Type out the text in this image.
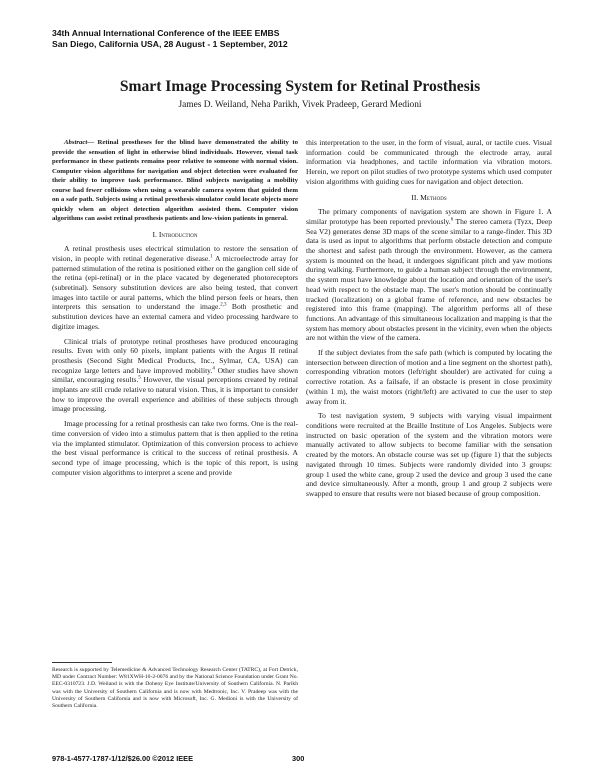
34th Annual International Conference of the IEEE EMBS
San Diego, California USA, 28 August - 1 September, 2012
Smart Image Processing System for Retinal Prosthesis
James D. Weiland, Neha Parikh, Vivek Pradeep, Gerard Medioni

Abstract— Retinal prostheses for the blind have demonstrated the ability to provide the sensation of light in otherwise blind individuals. However, visual task performance in these patients remains poor relative to someone with normal vision. Computer vision algorithms for navigation and object detection were evaluated for their ability to improve task performance. Blind subjects navigating a mobility course had fewer collisions when using a wearable camera system that guided them on a safe path. Subjects using a retinal prosthesis simulator could locate objects more quickly when an object detection algorithm assisted them. Computer vision algorithms can assist retinal prosthesis patients and low-vision patients in general.

I. Introduction

A retinal prosthesis uses electrical stimulation to restore the sensation of vision, in people with retinal degenerative disease.$^1$ A microelectrode array for patterned stimulation of the retina is positioned either on the ganglion cell side of the retina (epi-retinal) or in the place vacated by degenerated photoreceptors (subretinal). Sensory substitution devices are also being tested, that convert images into tactile or aural patterns, which the blind person feels or hears, then interprets this sensation to understand the image.$^{2,3}$ Both prosthetic and substitution devices have an external camera and video processing hardware to digitize images.

Clinical trials of prototype retinal prostheses have produced encouraging results. Even with only 60 pixels, implant patients with the Argus II retinal prosthesis (Second Sight Medical Products, Inc., Sylmar, CA, USA) can recognize large letters and have improved mobility.$^4$ Other studies have shown similar, encouraging results.$^5$ However, the visual perceptions created by retinal implants are still crude relative to natural vision. Thus, it is important to consider how to improve the overall experience and abilities of these subjects through image processing.

Image processing for a retinal prosthesis can take two forms. One is the real-time conversion of video into a stimulus pattern that is then applied to the retina via the implanted stimulator. Optimization of this conversion process to achieve the best visual performance is critical to the success of retinal prosthesis. A second type of image processing, which is the topic of this report, is using computer vision algorithms to interpret a scene and provide

Research is supported by Telemedicine & Advanced Technology Research Center (TATRC), at Fort Detrick, MD under Contract Number: W81XWH-10-2-0076 and by the National Science Foundation under Grant No. EEC-0310723. J.D. Weiland is with the Doheny Eye Institute/University of Southern California. N. Parikh was with the University of Southern California and is now with Medtronic, Inc. V. Pradeep was with the University of Southern California and is now with Microsoft, Inc. G. Medioni is with the University of Southern California.

this interpretation to the user, in the form of visual, aural, or tactile cues. Visual information could be communicated through the electrode array, aural information via headphones, and tactile information via vibration motors. Herein, we report on pilot studies of two prototype systems which used computer vision algorithms with guiding cues for navigation and object detection.

II. Methods

The primary components of navigation system are shown in Figure 1. A similar prototype has been reported previously.$^6$ The stereo camera (Tyzx, Deep Sea V2) generates dense 3D maps of the scene similar to a range-finder. This 3D data is used as input to algorithms that perform obstacle detection and compute the shortest and safest path through the environment. However, as the camera system is mounted on the head, it undergoes significant pitch and yaw motions during walking. Furthermore, to guide a human subject through the environment, the system must have knowledge about the location and orientation of the user's head with respect to the obstacle map. The user's motion should be continually tracked (localization) on a global frame of reference, and new obstacles be registered into this frame (mapping). The algorithm performs all of these functions. An advantage of this simultaneous localization and mapping is that the system has memory about obstacles present in the vicinity, even when the objects are not within the view of the camera.

If the subject deviates from the safe path (which is computed by locating the intersection between direction of motion and a line segment on the shortest path), corresponding vibration motors (left/right shoulder) are activated for cuing a corrective rotation. As a failsafe, if an obstacle is present in close proximity (within 1 m), the waist motors (right/left) are activated to cue the user to step away from it.

To test navigation system, 9 subjects with varying visual impairment conditions were recruited at the Braille Institute of Los Angeles. Subjects were instructed on basic operation of the system and the vibration motors were manually activated to allow subjects to become familiar with the sensation created by the motors. An obstacle course was set up (figure 1) that the subjects navigated through 10 times. Subjects were randomly divided into 3 groups: group 1 used the white cane, group 2 used the device and group 3 used the cane and device simultaneously. After a month, group 1 and group 2 subjects were swapped to ensure that results were not biased because of group composition.

978-1-4577-1787-1/12/$26.00 ©2012 IEEE	300
